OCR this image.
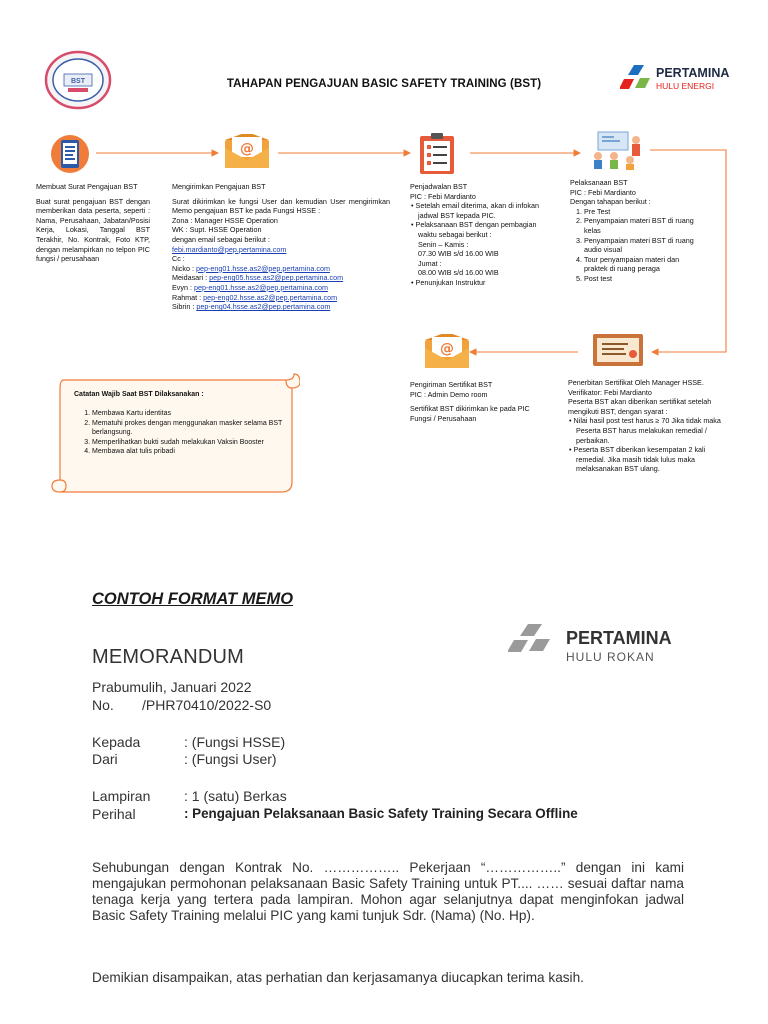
BST	TAHAPAN PENGAJUAN BASIC SAFETY TRAINING (BST)
PERTAMINA
HULU ENERGI
@
@

Membuat Surat Pengajuan BST

Buat surat pengajuan BST dengan memberikan data peserta, seperti : Nama, Perusahaan, Jabatan/Posisi Kerja, Lokasi, Tanggal BST Terakhir, No. Kontrak, Foto KTP, dengan melampirkan no telpon PIC fungsi / perusahaan

Mengirimkan Pengajuan BST

Surat dikirimkan ke fungsi User dan kemudian User mengirimkan Memo pengajuan BST ke pada Fungsi HSSE :

Zona : Manager HSSE Operation

WK : Supt. HSSE Operation

dengan email sebagai berikut :

febi.mardianto@pep.pertamina.com

Cc :

Nicko : pep-eng01.hsse.as2@pep.pertamina.com

Meidasari : pep-eng05.hsse.as2@pep.pertamina.com

Evyn : pep-eng01.hsse.as2@pep.pertamina.com

Rahmat : pep-eng02.hsse.as2@pep.pertamina.com

Sibrin : pep-eng04.hsse.as2@pep.pertamina.com

Penjadwalan BST

PIC : Febi Mardianto

• Setelah email diterima, akan di infokan jadwal BST kepada PIC.
• Pelaksanaan BST dengan pembagian waktu sebagai berikut :

Senin – Kamis :

07.30 WIB s/d 16.00 WIB

Jumat :

08.00 WIB s/d 16.00 WIB

• Penunjukan Instruktur

Pelaksanaan BST

PIC : Febi Mardianto

Dengan tahapan berikut :

1. Pre Test
2. Penyampaian materi BST di ruang kelas
3. Penyampaian materi BST di ruang audio visual
4. Tour penyampaian materi dan praktek di ruang peraga
5. Post test

Penerbitan Sertifikat Oleh Manager HSSE.

Verifikator: Febi Mardianto

Peserta BST akan diberikan sertifikat setelah mengikuti BST, dengan syarat :

• Nilai hasil post test harus ≥ 70 Jika tidak maka Peserta BST harus melakukan remedial / perbaikan.
• Peserta BST diberikan kesempatan 2 kali remedial. Jika masih tidak lulus maka melaksanakan BST ulang.

Pengiriman Sertifikat BST

PIC : Admin Demo room

Sertifikat BST dikirimkan ke pada PIC Fungsi / Perusahaan

Catatan Wajib Saat BST Dilaksanakan :

1. Membawa Kartu identitas
2. Mematuhi prokes dengan menggunakan masker selama BST berlangsung.
3. Memperlihatkan bukti sudah melakukan Vaksin Booster
4. Membawa alat tulis pribadi
CONTOH FORMAT MEMO
MEMORANDUM
PERTAMINA
HULU ROKAN
Prabumulih, Januari 2022
No. /PHR70410/2022-S0
Kepada	: (Fungsi HSSE)
Dari	: (Fungsi User)
Lampiran : 1 (satu) Berkas
Perihal	: Pengajuan Pelaksanaan Basic Safety Training Secara Offline
Sehubungan dengan Kontrak No. …………….. Pekerjaan “……………..” dengan ini kami mengajukan permohonan pelaksanaan Basic Safety Training untuk PT.... …… sesuai daftar nama tenaga kerja yang tertera pada lampiran. Mohon agar selanjutnya dapat menginfokan jadwal Basic Safety Training melalui PIC yang kami tunjuk Sdr. (Nama) (No. Hp).
Demikian disampaikan, atas perhatian dan kerjasamanya diucapkan terima kasih.
